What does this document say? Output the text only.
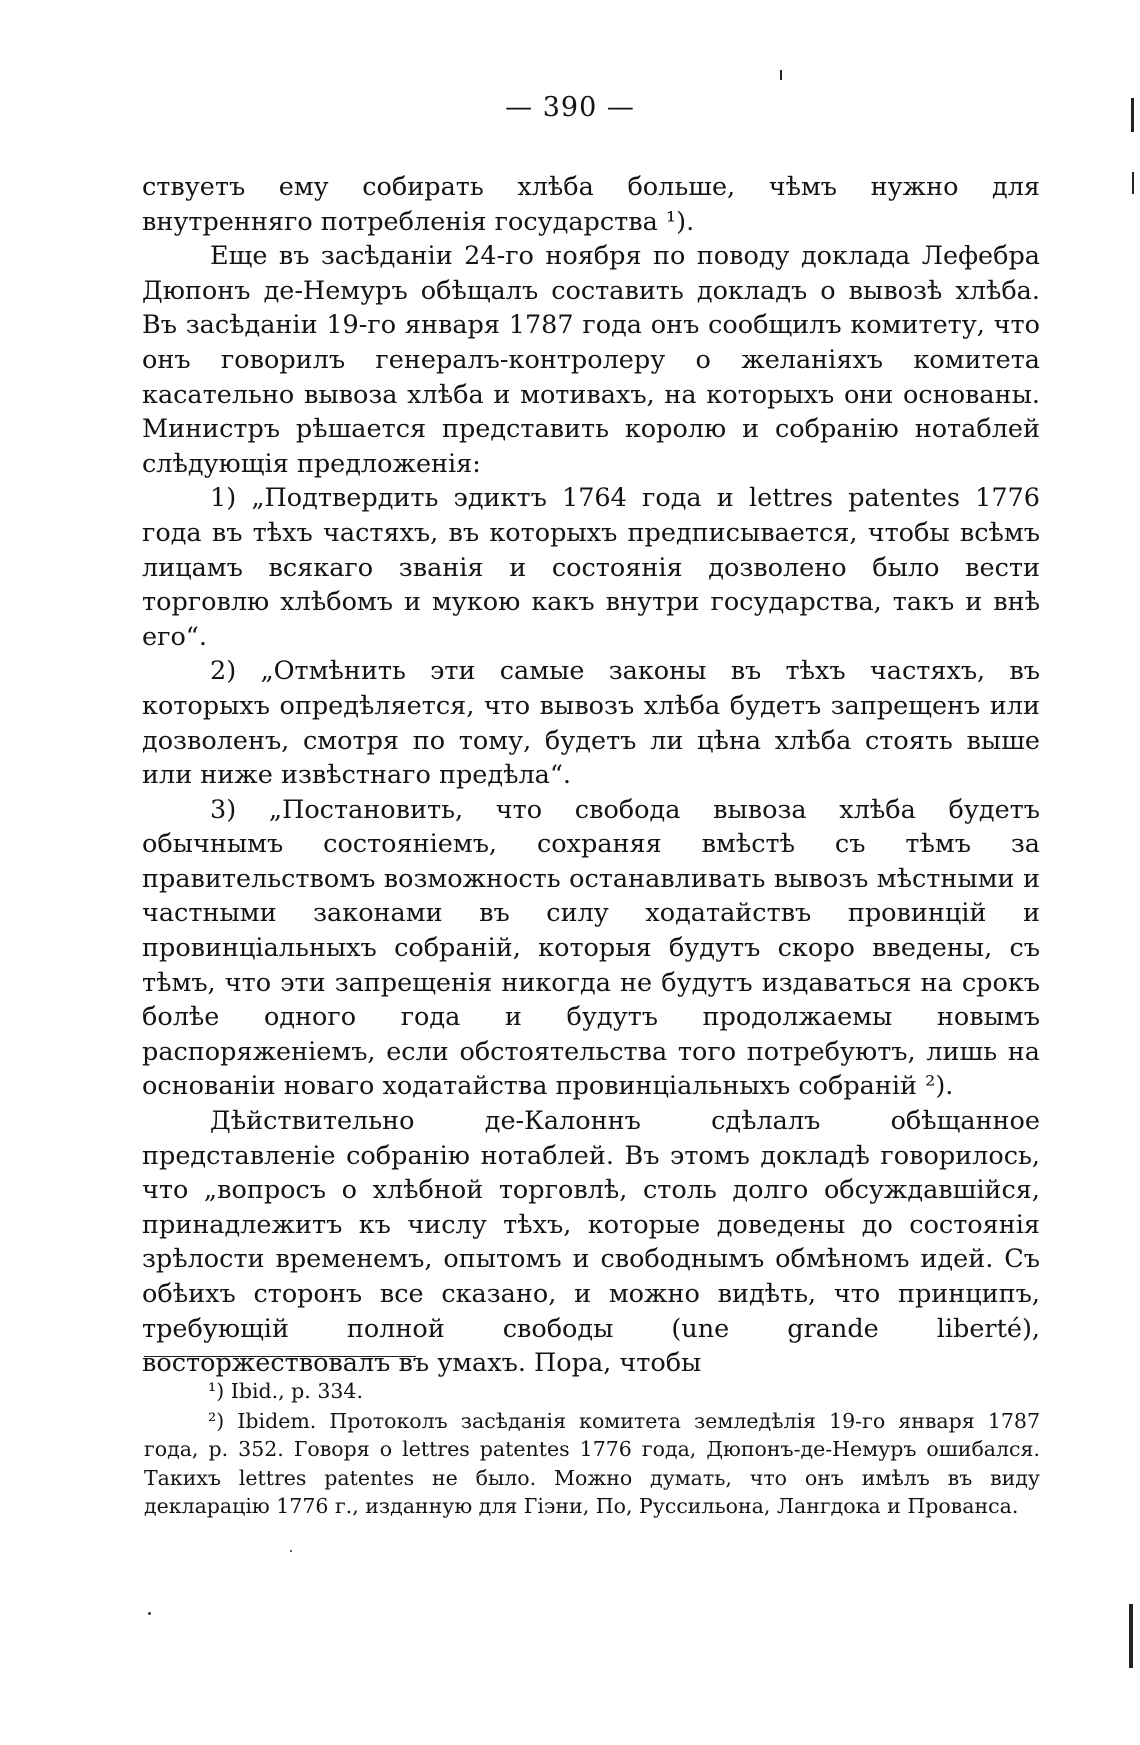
— 390 —

ствуетъ ему собирать хлѣба больше, чѣмъ нужно для внутренняго потребленія государства ¹).

Еще въ засѣданіи 24-го ноября по поводу доклада Лефебра Дюпонъ де-Немуръ обѣщалъ составить докладъ о вывозѣ хлѣба. Въ засѣданіи 19-го января 1787 года онъ сообщилъ комитету, что онъ говорилъ генералъ-контролеру о желаніяхъ комитета касательно вывоза хлѣба и мотивахъ, на которыхъ они основаны. Министръ рѣшается представить королю и собранію нотаблей слѣдующія предложенія:

1) „Подтвердить эдиктъ 1764 года и lettres patentes 1776 года въ тѣхъ частяхъ, въ которыхъ предписывается, чтобы всѣмъ лицамъ всякаго званія и состоянія дозволено было вести торговлю хлѣбомъ и мукою какъ внутри государства, такъ и внѣ его“.

2) „Отмѣнить эти самые законы въ тѣхъ частяхъ, въ которыхъ опредѣляется, что вывозъ хлѣба будетъ запрещенъ или дозволенъ, смотря по тому, будетъ ли цѣна хлѣба стоять выше или ниже извѣстнаго предѣла“.

3) „Постановить, что свобода вывоза хлѣба будетъ обычнымъ состояніемъ, сохраняя вмѣстѣ съ тѣмъ за правительствомъ возможность останавливать вывозъ мѣстными и частными законами въ силу ходатайствъ провинцій и провинціальныхъ собраній, которыя будутъ скоро введены, съ тѣмъ, что эти запрещенія никогда не будутъ издаваться на срокъ болѣе одного года и будутъ продолжаемы новымъ распоряженіемъ, если обстоятельства того потребуютъ, лишь на основаніи новаго ходатайства провинціальныхъ собраній ²).

Дѣйствительно де-Калоннъ сдѣлалъ обѣщанное представленіе собранію нотаблей. Въ этомъ докладѣ говорилось, что „вопросъ о хлѣбной торговлѣ, столь долго обсуждавшійся, принадлежитъ къ числу тѣхъ, которые доведены до состоянія зрѣлости временемъ, опытомъ и свободнымъ обмѣномъ идей. Съ обѣихъ сторонъ все сказано, и можно видѣть, что принципъ, требующій полной свободы (une grande liberté), восторжествовалъ въ умахъ. Пора, чтобы

¹) Ibid., p. 334.

²) Ibidem. Протоколъ засѣданія комитета земледѣлія 19-го января 1787 года, р. 352. Говоря о lettres patentes 1776 года, Дюпонъ-де-Немуръ ошибался. Такихъ lettres patentes не было. Можно думать, что онъ имѣлъ въ виду декларацію 1776 г., изданную для Гіэни, По, Руссильона, Лангдока и Прованса.
